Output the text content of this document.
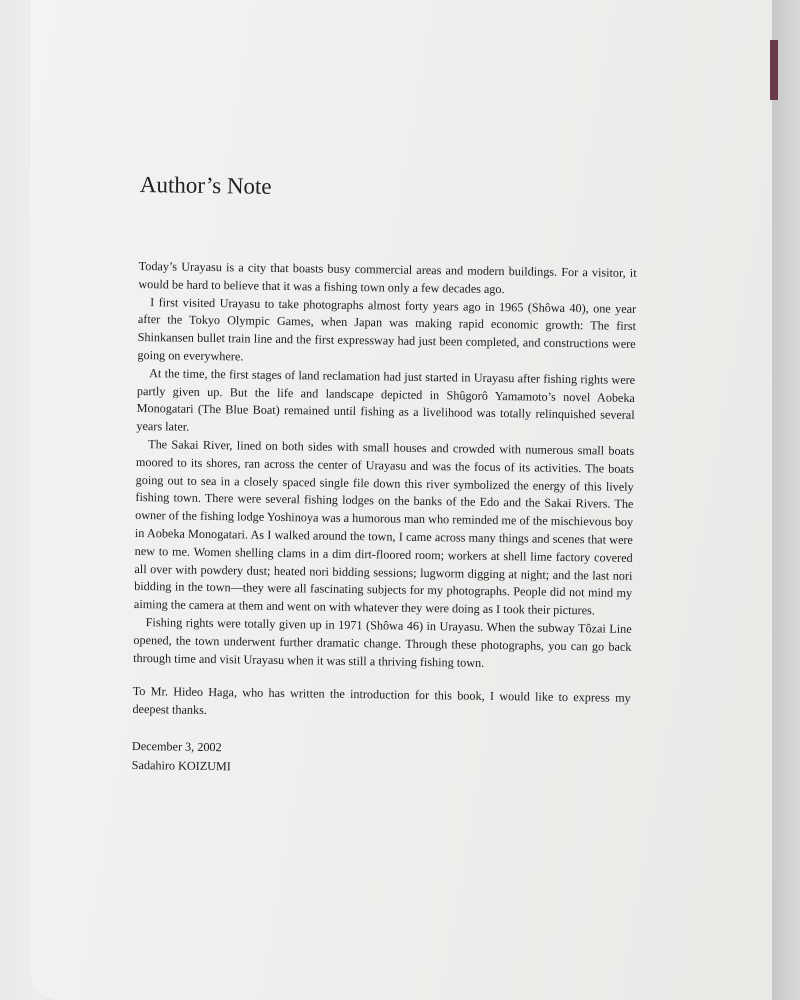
Author’s Note

Today’s Urayasu is a city that boasts busy commercial areas and modern buildings. For a visitor, it would be hard to believe that it was a fishing town only a few decades ago.

I first visited Urayasu to take photographs almost forty years ago in 1965 (Shôwa 40), one year after the Tokyo Olympic Games, when Japan was making rapid economic growth: The first Shinkansen bullet train line and the first expressway had just been completed, and constructions were going on everywhere.

At the time, the first stages of land reclamation had just started in Urayasu after fishing rights were partly given up. But the life and landscape depicted in Shûgorô Yamamoto’s novel Aobeka Monogatari (The Blue Boat) remained until fishing as a livelihood was totally relinquished several years later.

The Sakai River, lined on both sides with small houses and crowded with numerous small boats moored to its shores, ran across the center of Urayasu and was the focus of its activities. The boats going out to sea in a closely spaced single file down this river symbolized the energy of this lively fishing town. There were several fishing lodges on the banks of the Edo and the Sakai Rivers. The owner of the fishing lodge Yoshinoya was a humorous man who reminded me of the mischievous boy in Aobeka Monogatari. As I walked around the town, I came across many things and scenes that were new to me. Women shelling clams in a dim dirt-floored room; workers at shell lime factory covered all over with powdery dust; heated nori bidding sessions; lugworm digging at night; and the last nori bidding in the town—they were all fascinating subjects for my photographs. People did not mind my aiming the camera at them and went on with whatever they were doing as I took their pictures.

Fishing rights were totally given up in 1971 (Shôwa 46) in Urayasu. When the subway Tôzai Line opened, the town underwent further dramatic change. Through these photographs, you can go back through time and visit Urayasu when it was still a thriving fishing town.

To Mr. Hideo Haga, who has written the introduction for this book, I would like to express my deepest thanks.

December 3, 2002
Sadahiro KOIZUMI
